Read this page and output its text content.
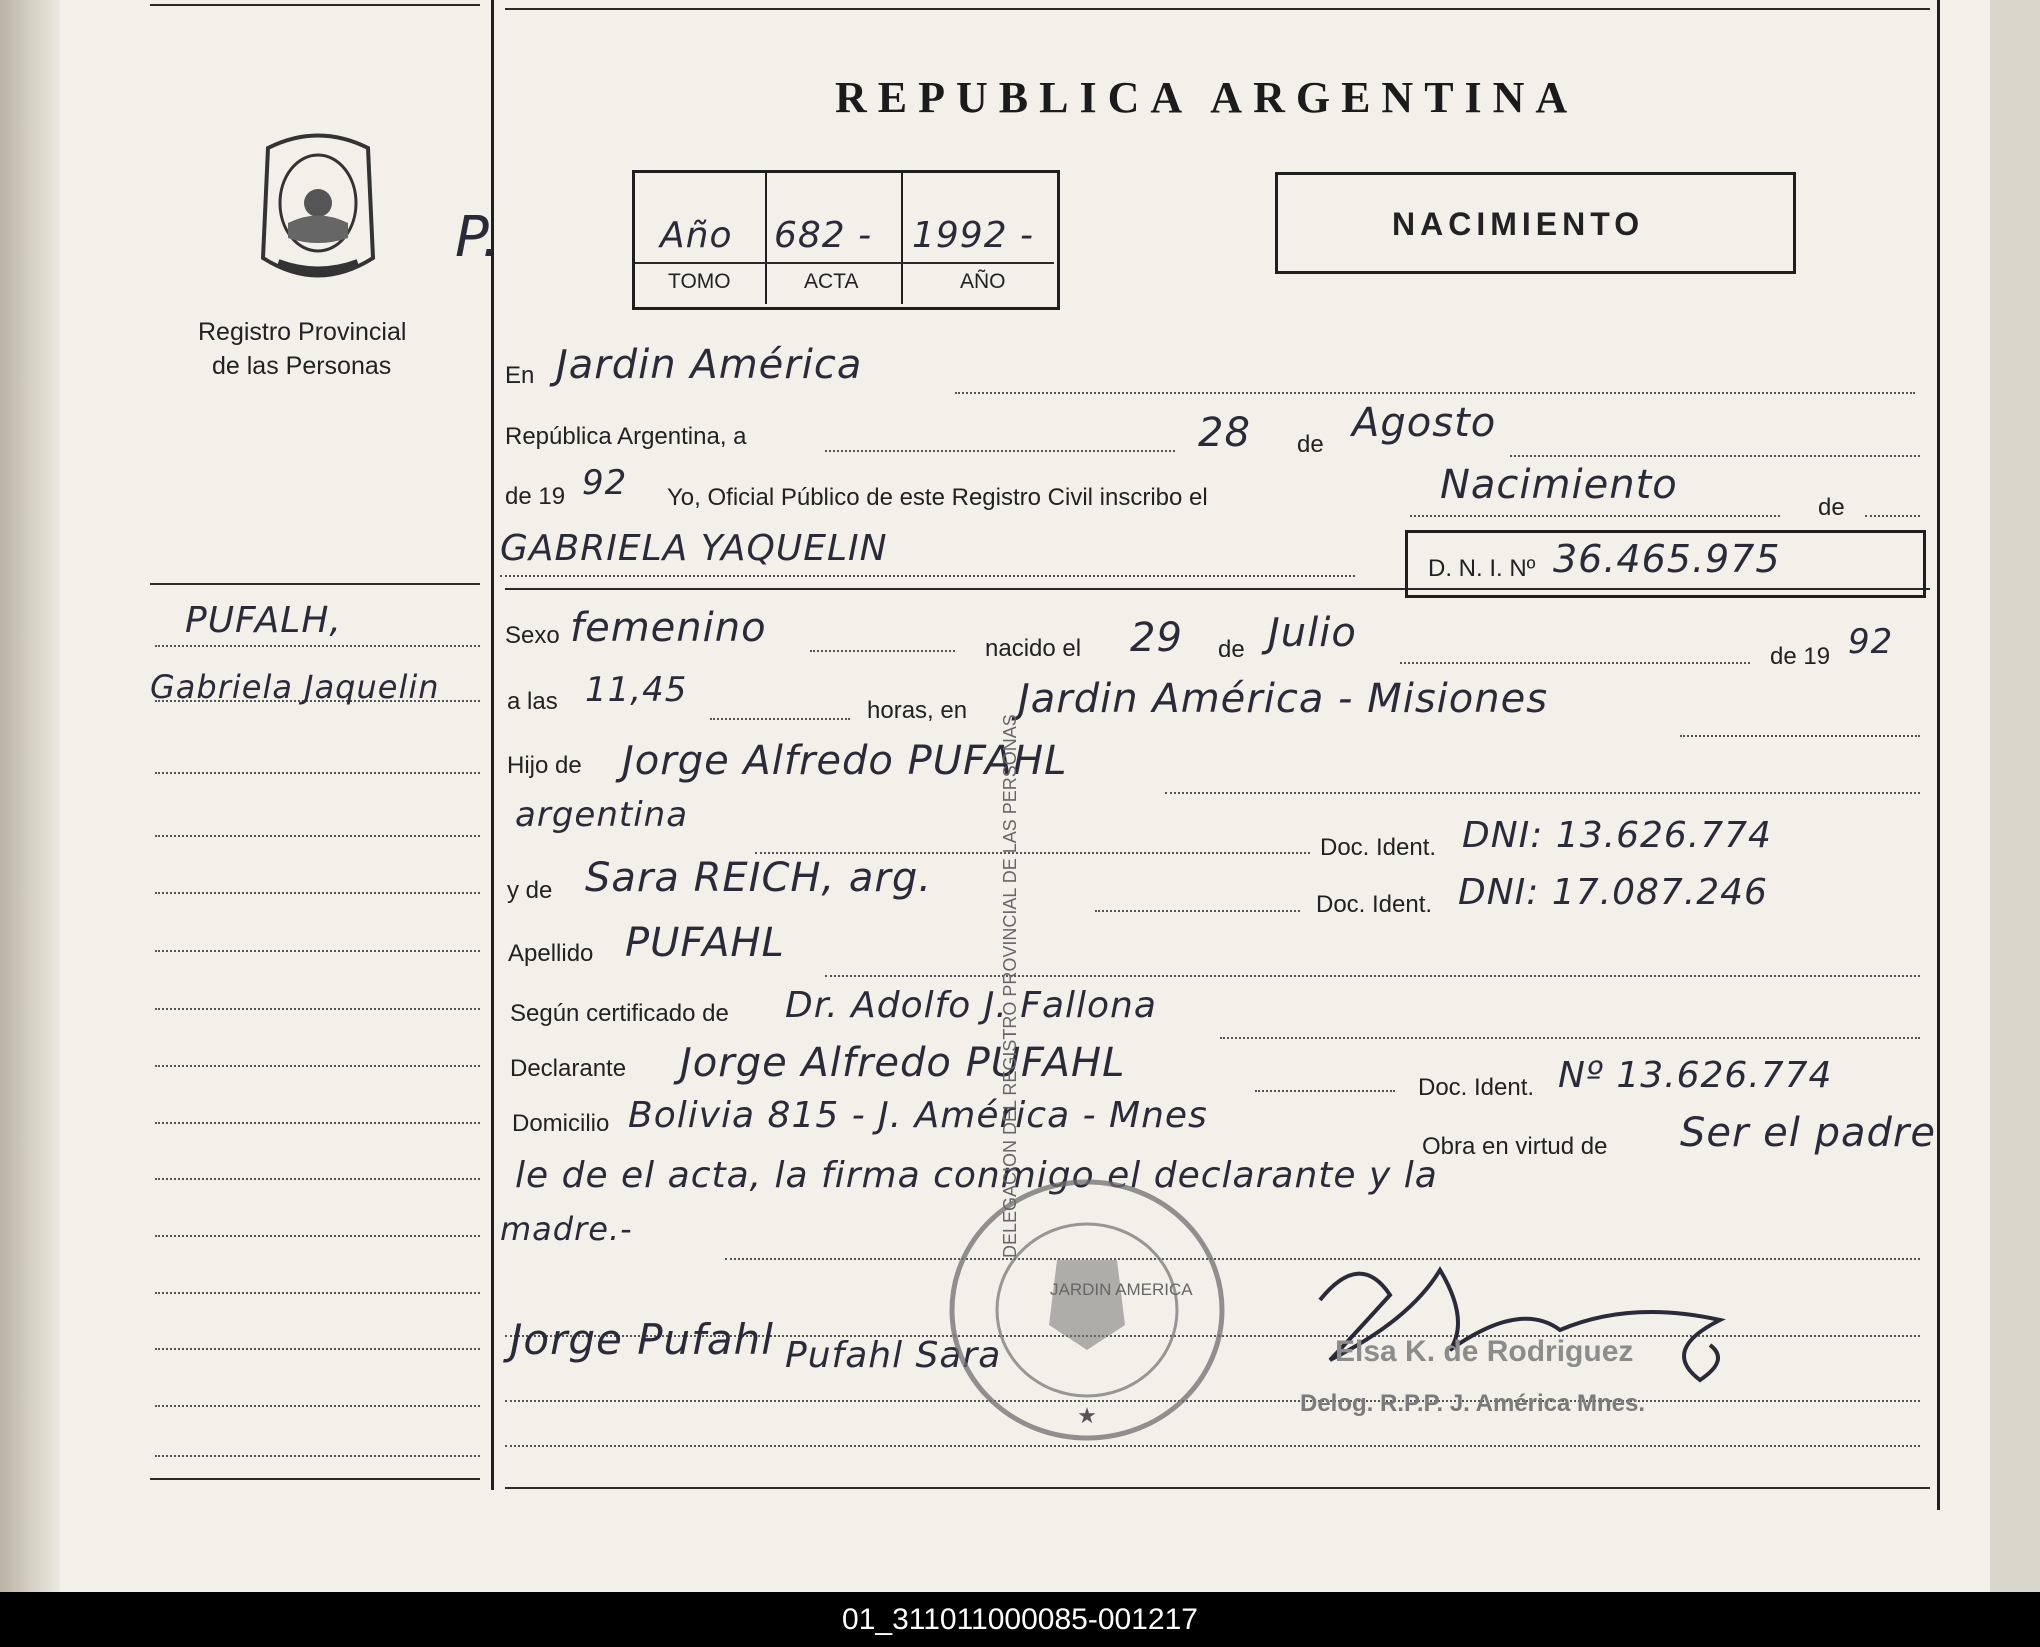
REPUBLICA ARGENTINA
Registro Provincial
de las Personas
P.	Año 682 - 1992 -
TOMO	ACTA	AÑO
NACIMIENTO
PUFALH,
Gabriela Jaquelin
En Jardin América
República Argentina, a	28 de Agosto
de 19 92 Yo, Oficial Público de este Registro Civil inscribo el	Nacimiento	de
GABRIELA YAQUELIN	D. N. I. Nº 36.465.975
Sexo femenino	nacido el 29 de Julio
de 19 92
a las 11,45
horas, en Jardin América - Misiones
Hijo de Jorge Alfredo PUFAHL
argentina
Doc. Ident. DNI: 13.626.774
y de Sara REICH, arg.
Doc. Ident. DNI: 17.087.246
Apellido PUFAHL
Según certificado de Dr. Adolfo J. Fallona
Declarante Jorge Alfredo PUFAHL
Doc. Ident. Nº 13.626.774
Domicilio Bolivia 815 - J. América - Mnes
Obra en virtud de Ser el padre
le de el acta, la firma conmigo el declarante y la
madre.-
Jorge Pufahl Pufahl Sara
★
DELEGACION DEL REGISTRO PROVINCIAL DE LAS PERSONAS
JARDIN AMERICA
Elsa K. de Rodriguez
Delog. R.P.P. J. América Mnes.
01_311011000085-001217
